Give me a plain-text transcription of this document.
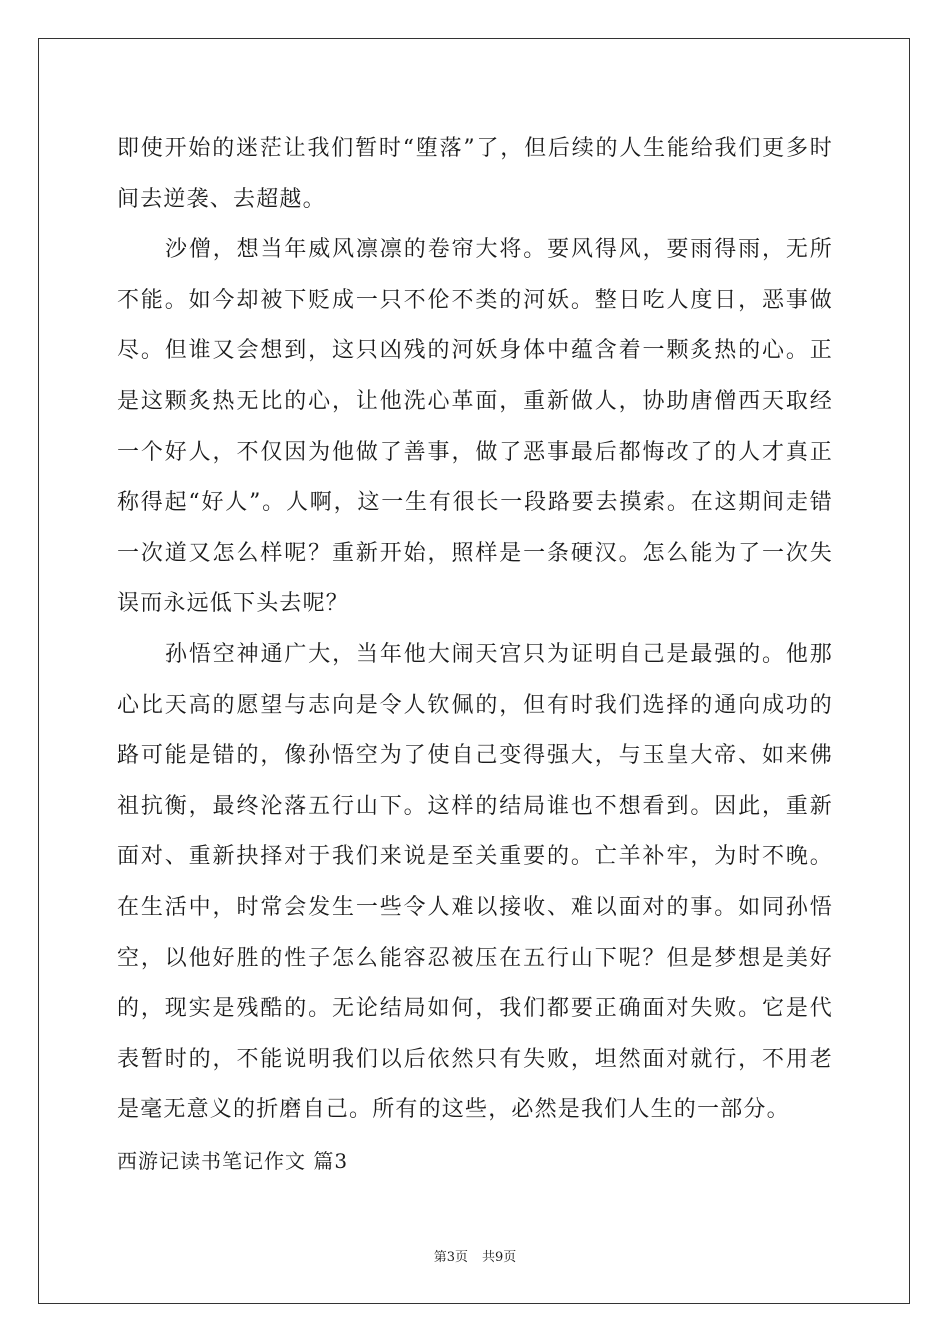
即使开始的迷茫让我们暂时“堕落”了，但后续的人生能给我们更多时间去逆袭、去超越。

沙僧，想当年威风凛凛的卷帘大将。要风得风，要雨得雨，无所不能。如今却被下贬成一只不伦不类的河妖。整日吃人度日，恶事做尽。但谁又会想到，这只凶残的河妖身体中蕴含着一颗炙热的心。正是这颗炙热无比的心，让他洗心革面，重新做人，协助唐僧西天取经一个好人，不仅因为他做了善事，做了恶事最后都悔改了的人才真正称得起“好人”。人啊，这一生有很长一段路要去摸索。在这期间走错一次道又怎么样呢？重新开始，照样是一条硬汉。怎么能为了一次失误而永远低下头去呢？

孙悟空神通广大，当年他大闹天宫只为证明自己是最强的。他那心比天高的愿望与志向是令人钦佩的，但有时我们选择的通向成功的路可能是错的，像孙悟空为了使自己变得强大，与玉皇大帝、如来佛祖抗衡，最终沦落五行山下。这样的结局谁也不想看到。因此，重新面对、重新抉择对于我们来说是至关重要的。亡羊补牢，为时不晚。在生活中，时常会发生一些令人难以接收、难以面对的事。如同孙悟空，以他好胜的性子怎么能容忍被压在五行山下呢？但是梦想是美好的，现实是残酷的。无论结局如何，我们都要正确面对失败。它是代表暂时的，不能说明我们以后依然只有失败，坦然面对就行，不用老是毫无意义的折磨自己。所有的这些，必然是我们人生的一部分。

西游记读书笔记作文 篇3

第3页 共9页
